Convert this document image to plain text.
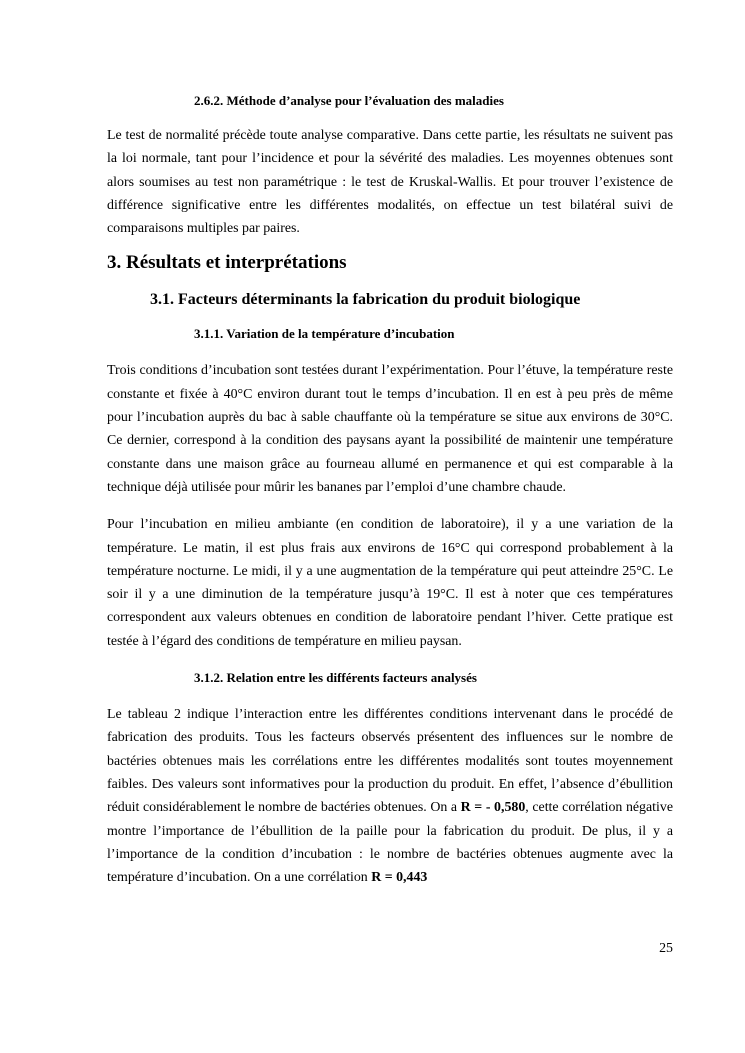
2.6.2. Méthode d’analyse pour l’évaluation des maladies

Le test de normalité précède toute analyse comparative. Dans cette partie, les résultats ne suivent pas la loi normale, tant pour l’incidence et pour la sévérité des maladies. Les moyennes obtenues sont alors soumises au test non paramétrique : le test de Kruskal-Wallis. Et pour trouver l’existence de différence significative entre les différentes modalités, on effectue un test bilatéral suivi de comparaisons multiples par paires.

3. Résultats et interprétations
3.1. Facteurs déterminants la fabrication du produit biologique
3.1.1. Variation de la température d’incubation

Trois conditions d’incubation sont testées durant l’expérimentation. Pour l’étuve, la température reste constante et fixée à 40°C environ durant tout le temps d’incubation. Il en est à peu près de même pour l’incubation auprès du bac à sable chauffante où la température se situe aux environs de 30°C. Ce dernier, correspond à la condition des paysans ayant la possibilité de maintenir une température constante dans une maison grâce au fourneau allumé en permanence et qui est comparable à la technique déjà utilisée pour mûrir les bananes par l’emploi d’une chambre chaude.

Pour l’incubation en milieu ambiante (en condition de laboratoire), il y a une variation de la température. Le matin, il est plus frais aux environs de 16°C qui correspond probablement à la température nocturne. Le midi, il y a une augmentation de la température qui peut atteindre 25°C. Le soir il y a une diminution de la température jusqu’à 19°C. Il est à noter que ces températures correspondent aux valeurs obtenues en condition de laboratoire pendant l’hiver. Cette pratique est testée à l’égard des conditions de température en milieu paysan.

3.1.2. Relation entre les différents facteurs analysés

Le tableau 2 indique l’interaction entre les différentes conditions intervenant dans le procédé de fabrication des produits. Tous les facteurs observés présentent des influences sur le nombre de bactéries obtenues mais les corrélations entre les différentes modalités sont toutes moyennement faibles. Des valeurs sont informatives pour la production du produit. En effet, l’absence d’ébullition réduit considérablement le nombre de bactéries obtenues. On a R = - 0,580, cette corrélation négative montre l’importance de l’ébullition de la paille pour la fabrication du produit. De plus, il y a l’importance de la condition d’incubation : le nombre de bactéries obtenues augmente avec la température d’incubation. On a une corrélation R = 0,443

25
